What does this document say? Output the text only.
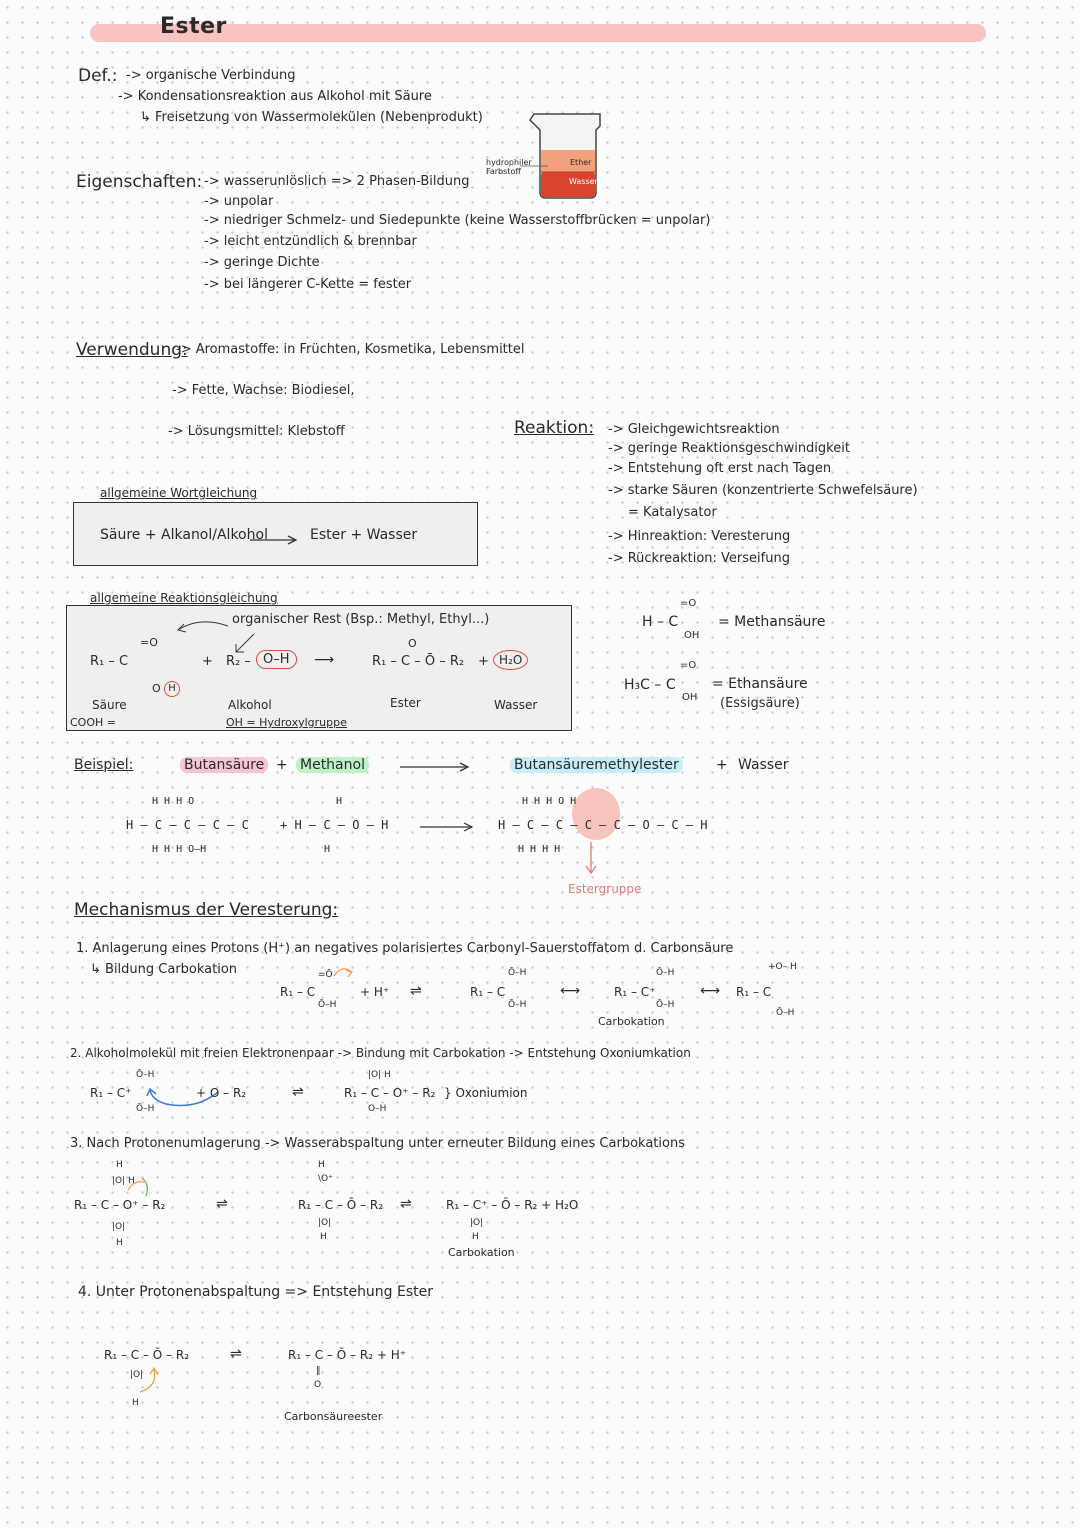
Ester
Def.: -> organische Verbindung
-> Kondensationsreaktion aus Alkohol mit Säure
↳ Freisetzung von Wassermolekülen (Nebenprodukt)
hydrophiler Farbstoff
Ether
Wasser
Eigenschaften: -> wasserunlöslich => 2 Phasen-Bildung
-> unpolar
-> niedriger Schmelz- und Siedepunkte (keine Wasserstoffbrücken = unpolar)
-> leicht entzündlich & brennbar
-> geringe Dichte
-> bei längerer C-Kette = fester
Verwendung:
-> Aromastoffe: in Früchten, Kosmetika, Lebensmittel
-> Fette, Wachse: Biodiesel,
-> Lösungsmittel: Klebstoff	Reaktion: -> Gleichgewichtsreaktion
-> geringe Reaktionsgeschwindigkeit
-> Entstehung oft erst nach Tagen
-> starke Säuren (konzentrierte Schwefelsäure)
= Katalysator
-> Hinreaktion: Veresterung
-> Rückreaktion: Verseifung
allgemeine Wortgleichung
Säure + Alkanol/Alkohol	Ester + Wasser
allgemeine Reaktionsgleichung
organischer Rest (Bsp.: Methyl, Ethyl...)
R₁ – C
=O
O H
+ R₂ – O–H	⟶
O
R₁ – C – Ō – R₂ + H₂O
Säure
COOH =
Alkohol
OH = Hydroxylgruppe
Ester	Wasser
H – C
=O
OH
= Methansäure
H₃C – C
=O
OH
= Ethansäure
(Essigsäure)
Beispiel:	Butansäure + Methanol	Butansäuremethylester	+ Wasser
H H H O
H – C – C – C – C
H H H O–H
H
+ H – C – O – H
H
H H H O H
H – C – C – C – C – O – C – H
H H H H
Estergruppe
Mechanismus der Veresterung:
1. Anlagerung eines Protons (H⁺) an negatives polarisiertes Carbonyl-Sauerstoffatom d. Carbonsäure
↳ Bildung Carbokation
R₁ – C
=Ō
Ō–H
+ H⁺ ⇌	R₁ – C
Ō–H
Ō–H
⟷	R₁ – C⁺
Ō–H
Ō–H
Carbokation
⟷ R₁ – C
+O– H
Ō–H
2. Alkoholmolekül mit freien Elektronenpaar -> Bindung mit Carbokation -> Entstehung Oxoniumkation
R₁ – C⁺
Ō–H
Ō–H
+ O – R₂	⇌
|O| H
R₁ – C – O⁺ – R₂
O–H
} Oxoniumion
3. Nach Protonenumlagerung -> Wasserabspaltung unter erneuter Bildung eines Carbokations
H
|O| H
R₁ – C – O⁺ – R₂
|O|
H
⇌
H
\O⁺
R₁ – C – Ō – R₂
|O|
H
⇌	R₁ – C⁺ – Ō – R₂ + H₂O
|O|
H
Carbokation
4. Unter Protonenabspaltung => Entstehung Ester
R₁ – C – Ō – R₂
|O|
H
⇌	R₁ – C – Ō – R₂ + H⁺
‖
O
Carbonsäureester
